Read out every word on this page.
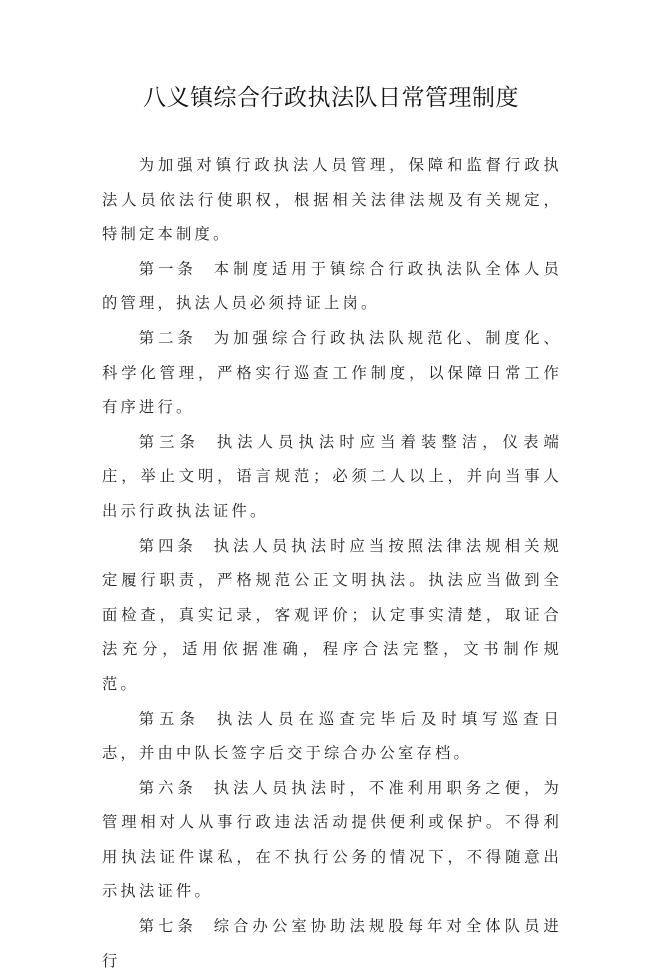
八义镇综合行政执法队日常管理制度

为加强对镇行政执法人员管理，保障和监督行政执法人员依法行使职权，根据相关法律法规及有关规定，特制定本制度。

第一条 本制度适用于镇综合行政执法队全体人员的管理，执法人员必须持证上岗。

第二条 为加强综合行政执法队规范化、制度化、科学化管理，严格实行巡查工作制度，以保障日常工作有序进行。

第三条 执法人员执法时应当着装整洁，仪表端庄，举止文明，语言规范；必须二人以上，并向当事人出示行政执法证件。

第四条 执法人员执法时应当按照法律法规相关规定履行职责，严格规范公正文明执法。执法应当做到全面检查，真实记录，客观评价；认定事实清楚，取证合法充分，适用依据准确，程序合法完整，文书制作规范。

第五条 执法人员在巡查完毕后及时填写巡查日志，并由中队长签字后交于综合办公室存档。

第六条 执法人员执法时，不准利用职务之便，为管理相对人从事行政违法活动提供便利或保护。不得利用执法证件谋私，在不执行公务的情况下，不得随意出示执法证件。

第七条 综合办公室协助法规股每年对全体队员进行
